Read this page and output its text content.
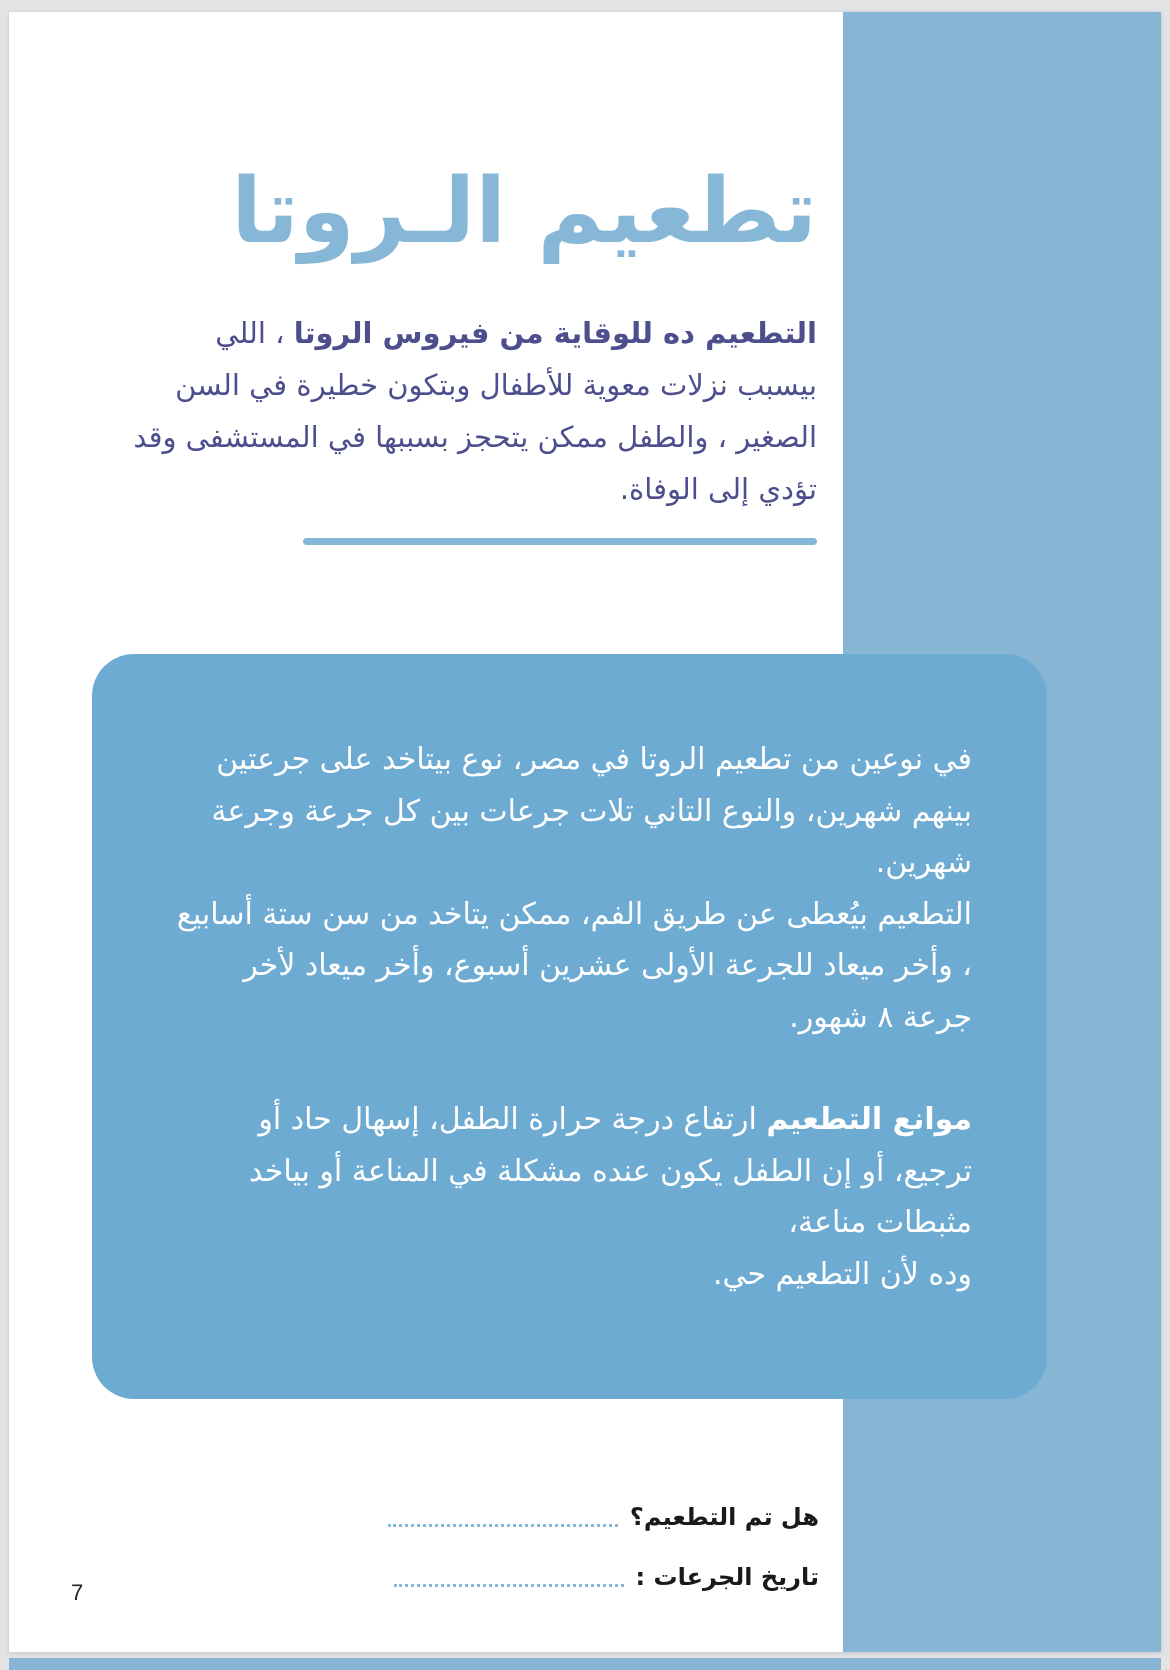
تطعيم الـروتا

التطعيم ده للوقاية من فيروس الروتا ، اللي بيسبب نزلات معوية للأطفال وبتكون خطيرة في السن الصغير ، والطفل ممكن يتحجز بسببها في المستشفى وقد تؤدي إلى الوفاة.

في نوعين من تطعيم الروتا في مصر، نوع بيتاخد على جرعتين بينهم شهرين، والنوع التاني تلات جرعات بين كل جرعة وجرعة شهرين.

التطعيم بيُعطى عن طريق الفم، ممكن يتاخد من سن ستة أسابيع ، وأخر ميعاد للجرعة الأولى عشرين أسبوع، وأخر ميعاد لأخر جرعة ٨ شهور.

موانع التطعيم ارتفاع درجة حرارة الطفل، إسهال حاد أو ترجيع، أو إن الطفل يكون عنده مشكلة في المناعة أو بياخد مثبطات مناعة،

وده لأن التطعيم حي.

هل تم التطعيم؟
تاريخ الجرعات :
7
